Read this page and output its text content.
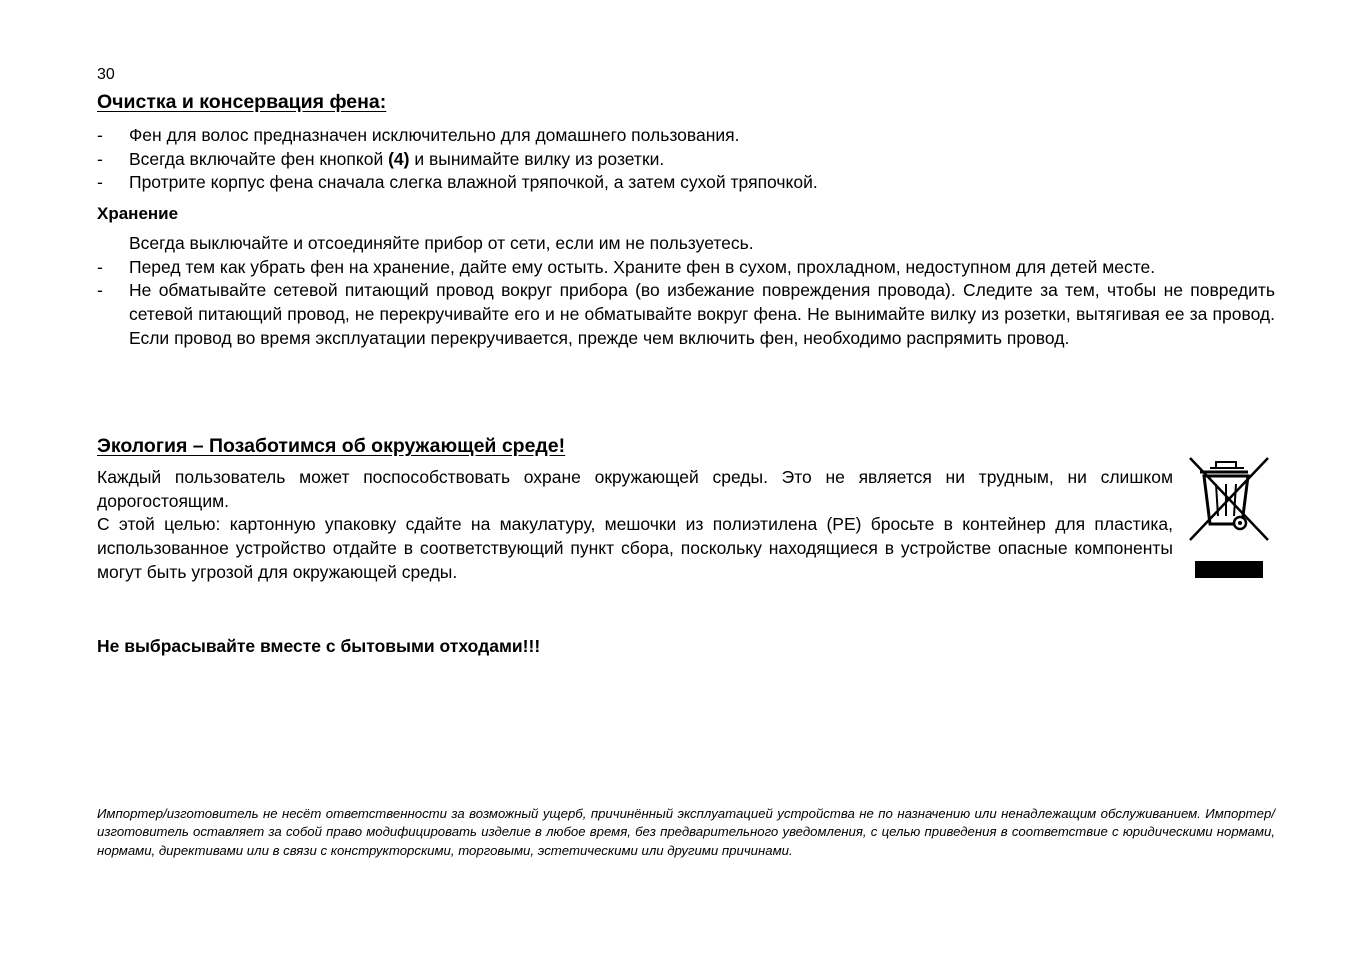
30
Очистка и консервация фена:
- Фен для волос предназначен исключительно для домашнего пользования.
- Всегда включайте фен кнопкой (4) и вынимайте вилку из розетки.
- Протрите корпус фена сначала слегка влажной тряпочкой, а затем сухой тряпочкой.
Хранение
Всегда выключайте и отсоединяйте прибор от сети, если им не пользуетесь.
- Перед тем как убрать фен на хранение, дайте ему остыть. Храните фен в сухом, прохладном, недоступном для детей месте.
- Не обматывайте сетевой питающий провод вокруг прибора (во избежание повреждения провода). Следите за тем, чтобы не повредить сетевой питающий провод, не перекручивайте его и не обматывайте вокруг фена. Не вынимайте вилку из розетки, вытягивая ее за провод. Если провод во время эксплуатации перекручивается, прежде чем включить фен, необходимо распрямить провод.
Экология – Позаботимся об окружающей среде!

Каждый пользователь может поспособствовать охране окружающей среды. Это не является ни трудным, ни слишком дорогостоящим.

С этой целью: картонную упаковку сдайте на макулатуру, мешочки из полиэтилена (PE) бросьте в контейнер для пластика, использованное устройство отдайте в соответствующий пункт сбора, поскольку находящиеся в устройстве опасные компоненты могут быть угрозой для окружающей среды.

Не выбрасывайте вместе с бытовыми отходами!!!
Импортер/изготовитель не несёт ответственности за возможный ущерб, причинённый эксплуатацией устройства не по назначению или ненадлежащим обслуживанием. Импортер/изготовитель оставляет за собой право модифицировать изделие в любое время, без предварительного уведомления, с целью приведения в соответствие с юридическими нормами, нормами, директивами или в связи с конструкторскими, торговыми, эстетическими или другими причинами.
